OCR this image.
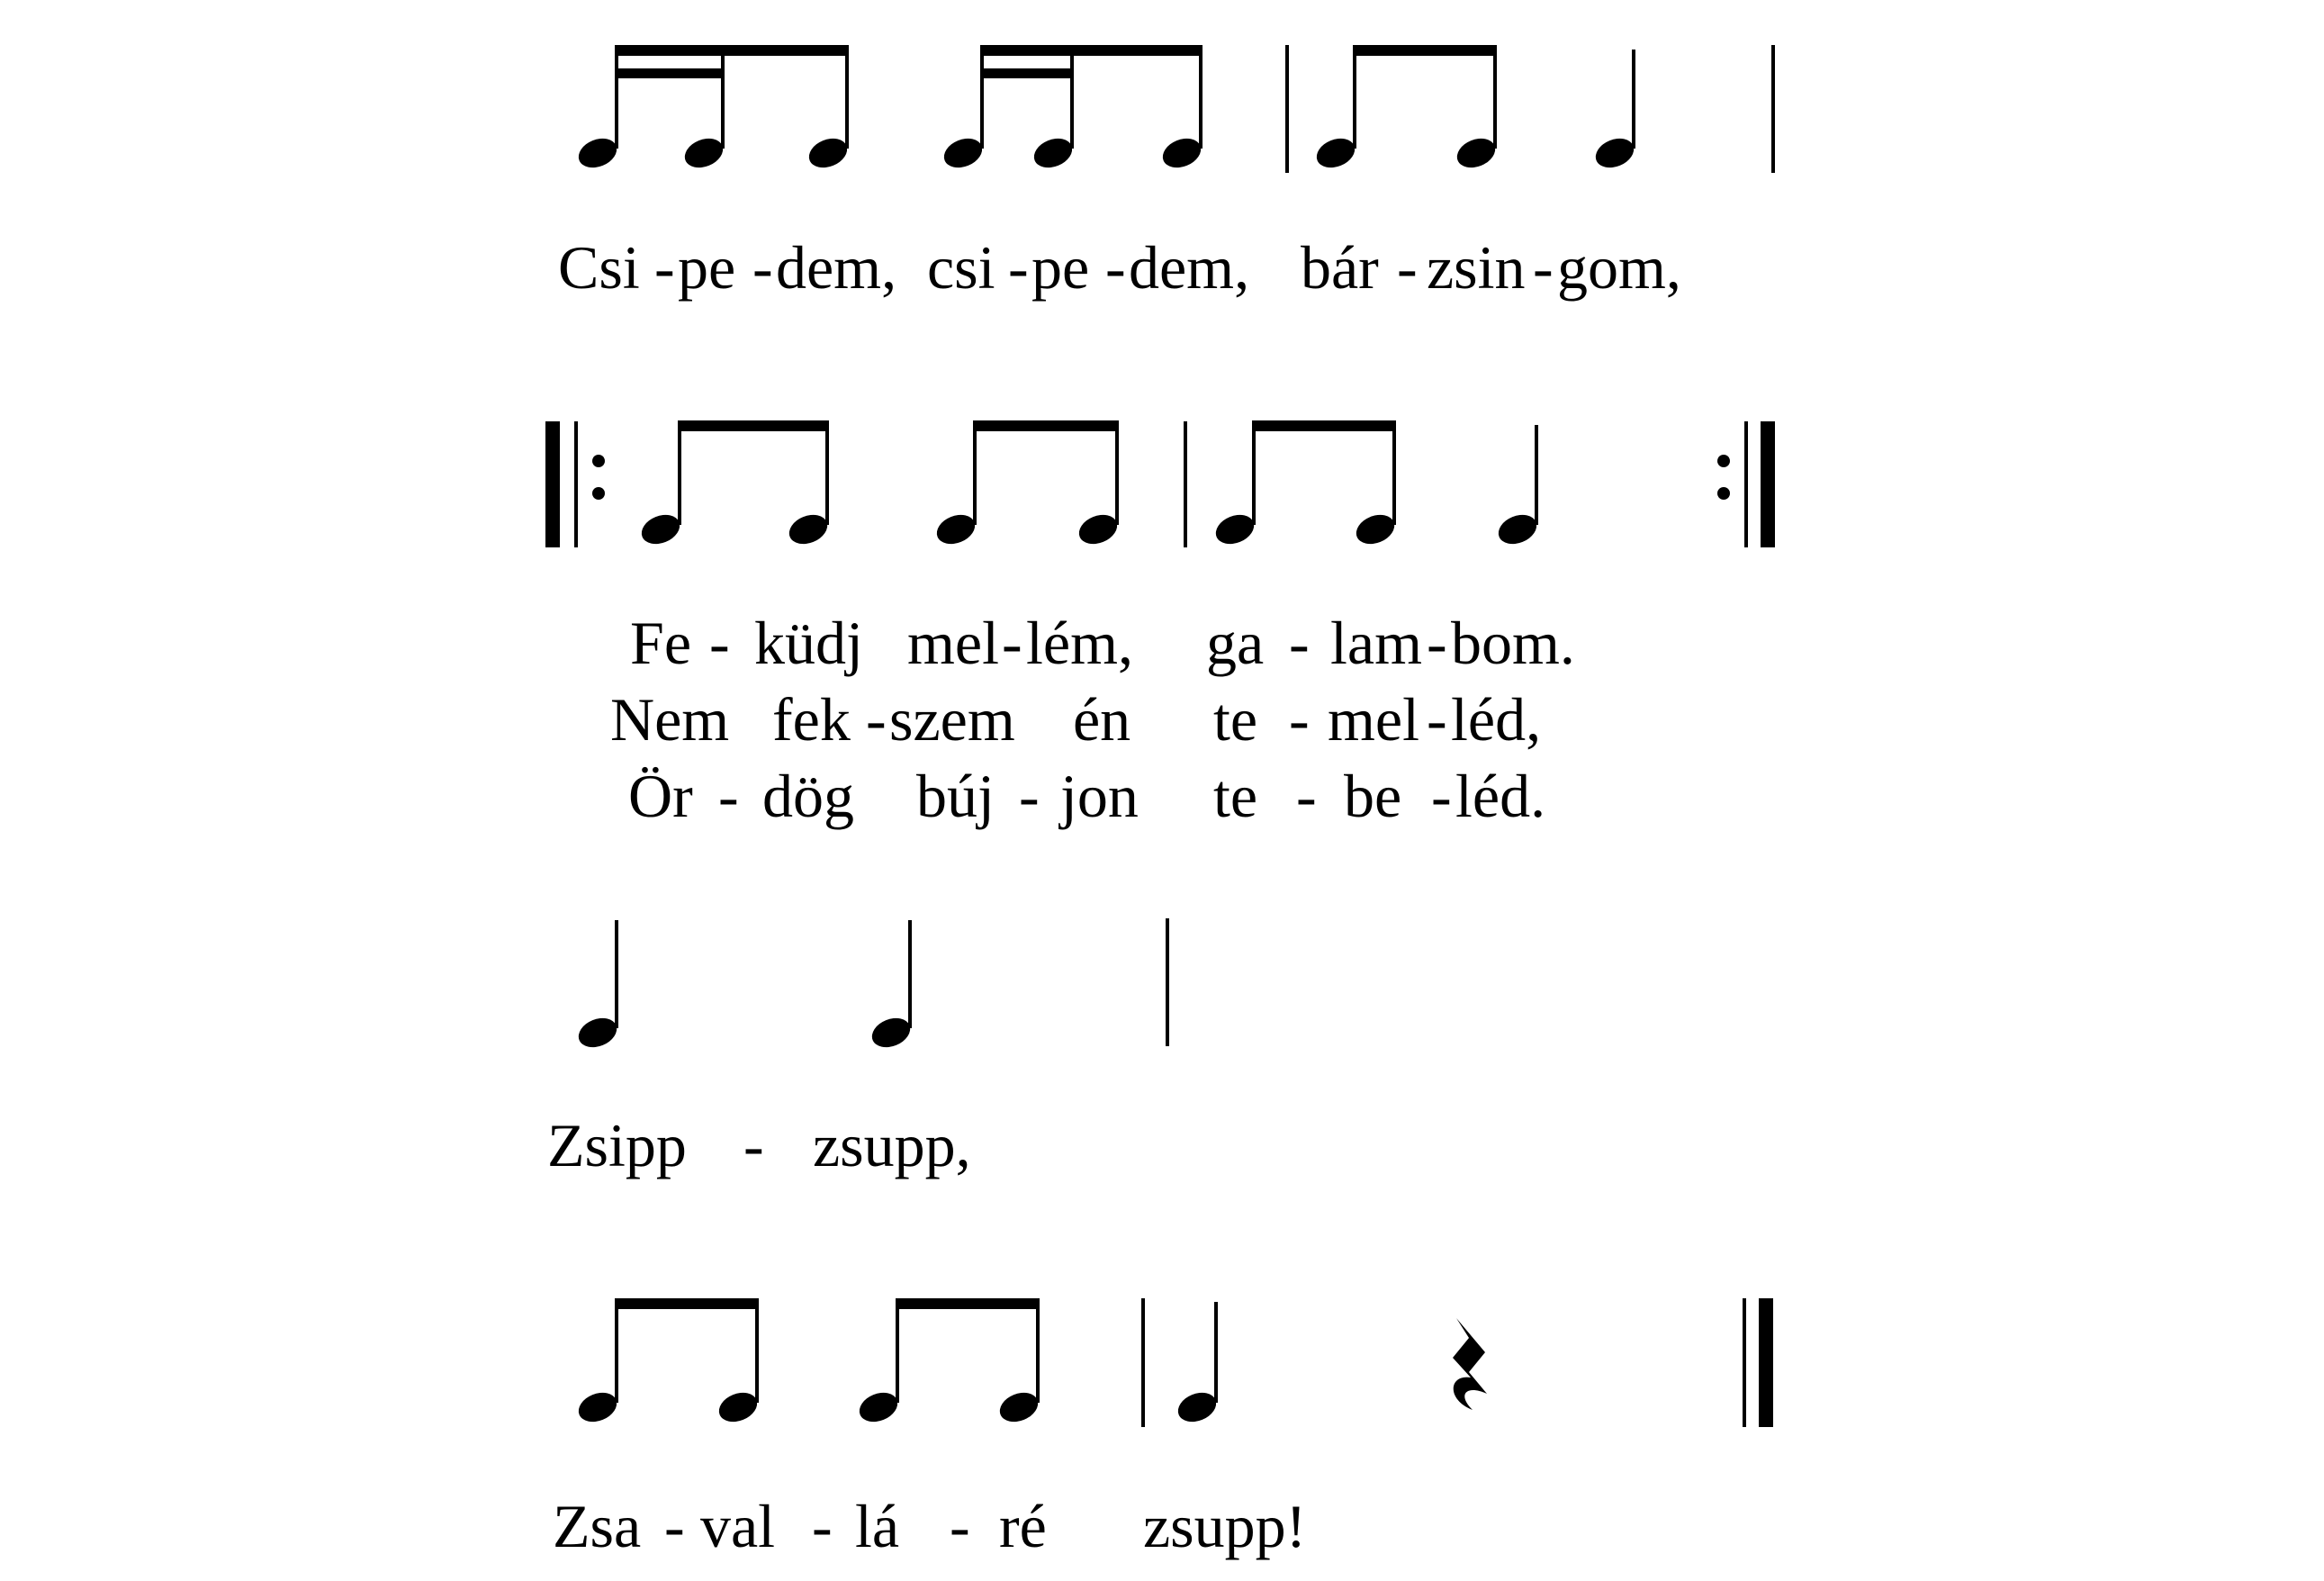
Csi - pe - dem, csi - pe - dem, bár - zsin - gom,
Fe - küdj mel - lém, ga - lam - bom.
Nem fek - szem én te - mel - léd,
Ör - dög búj - jon te - be - léd.
Zsipp - zsupp,
Zsa - val - lá - ré zsupp!
